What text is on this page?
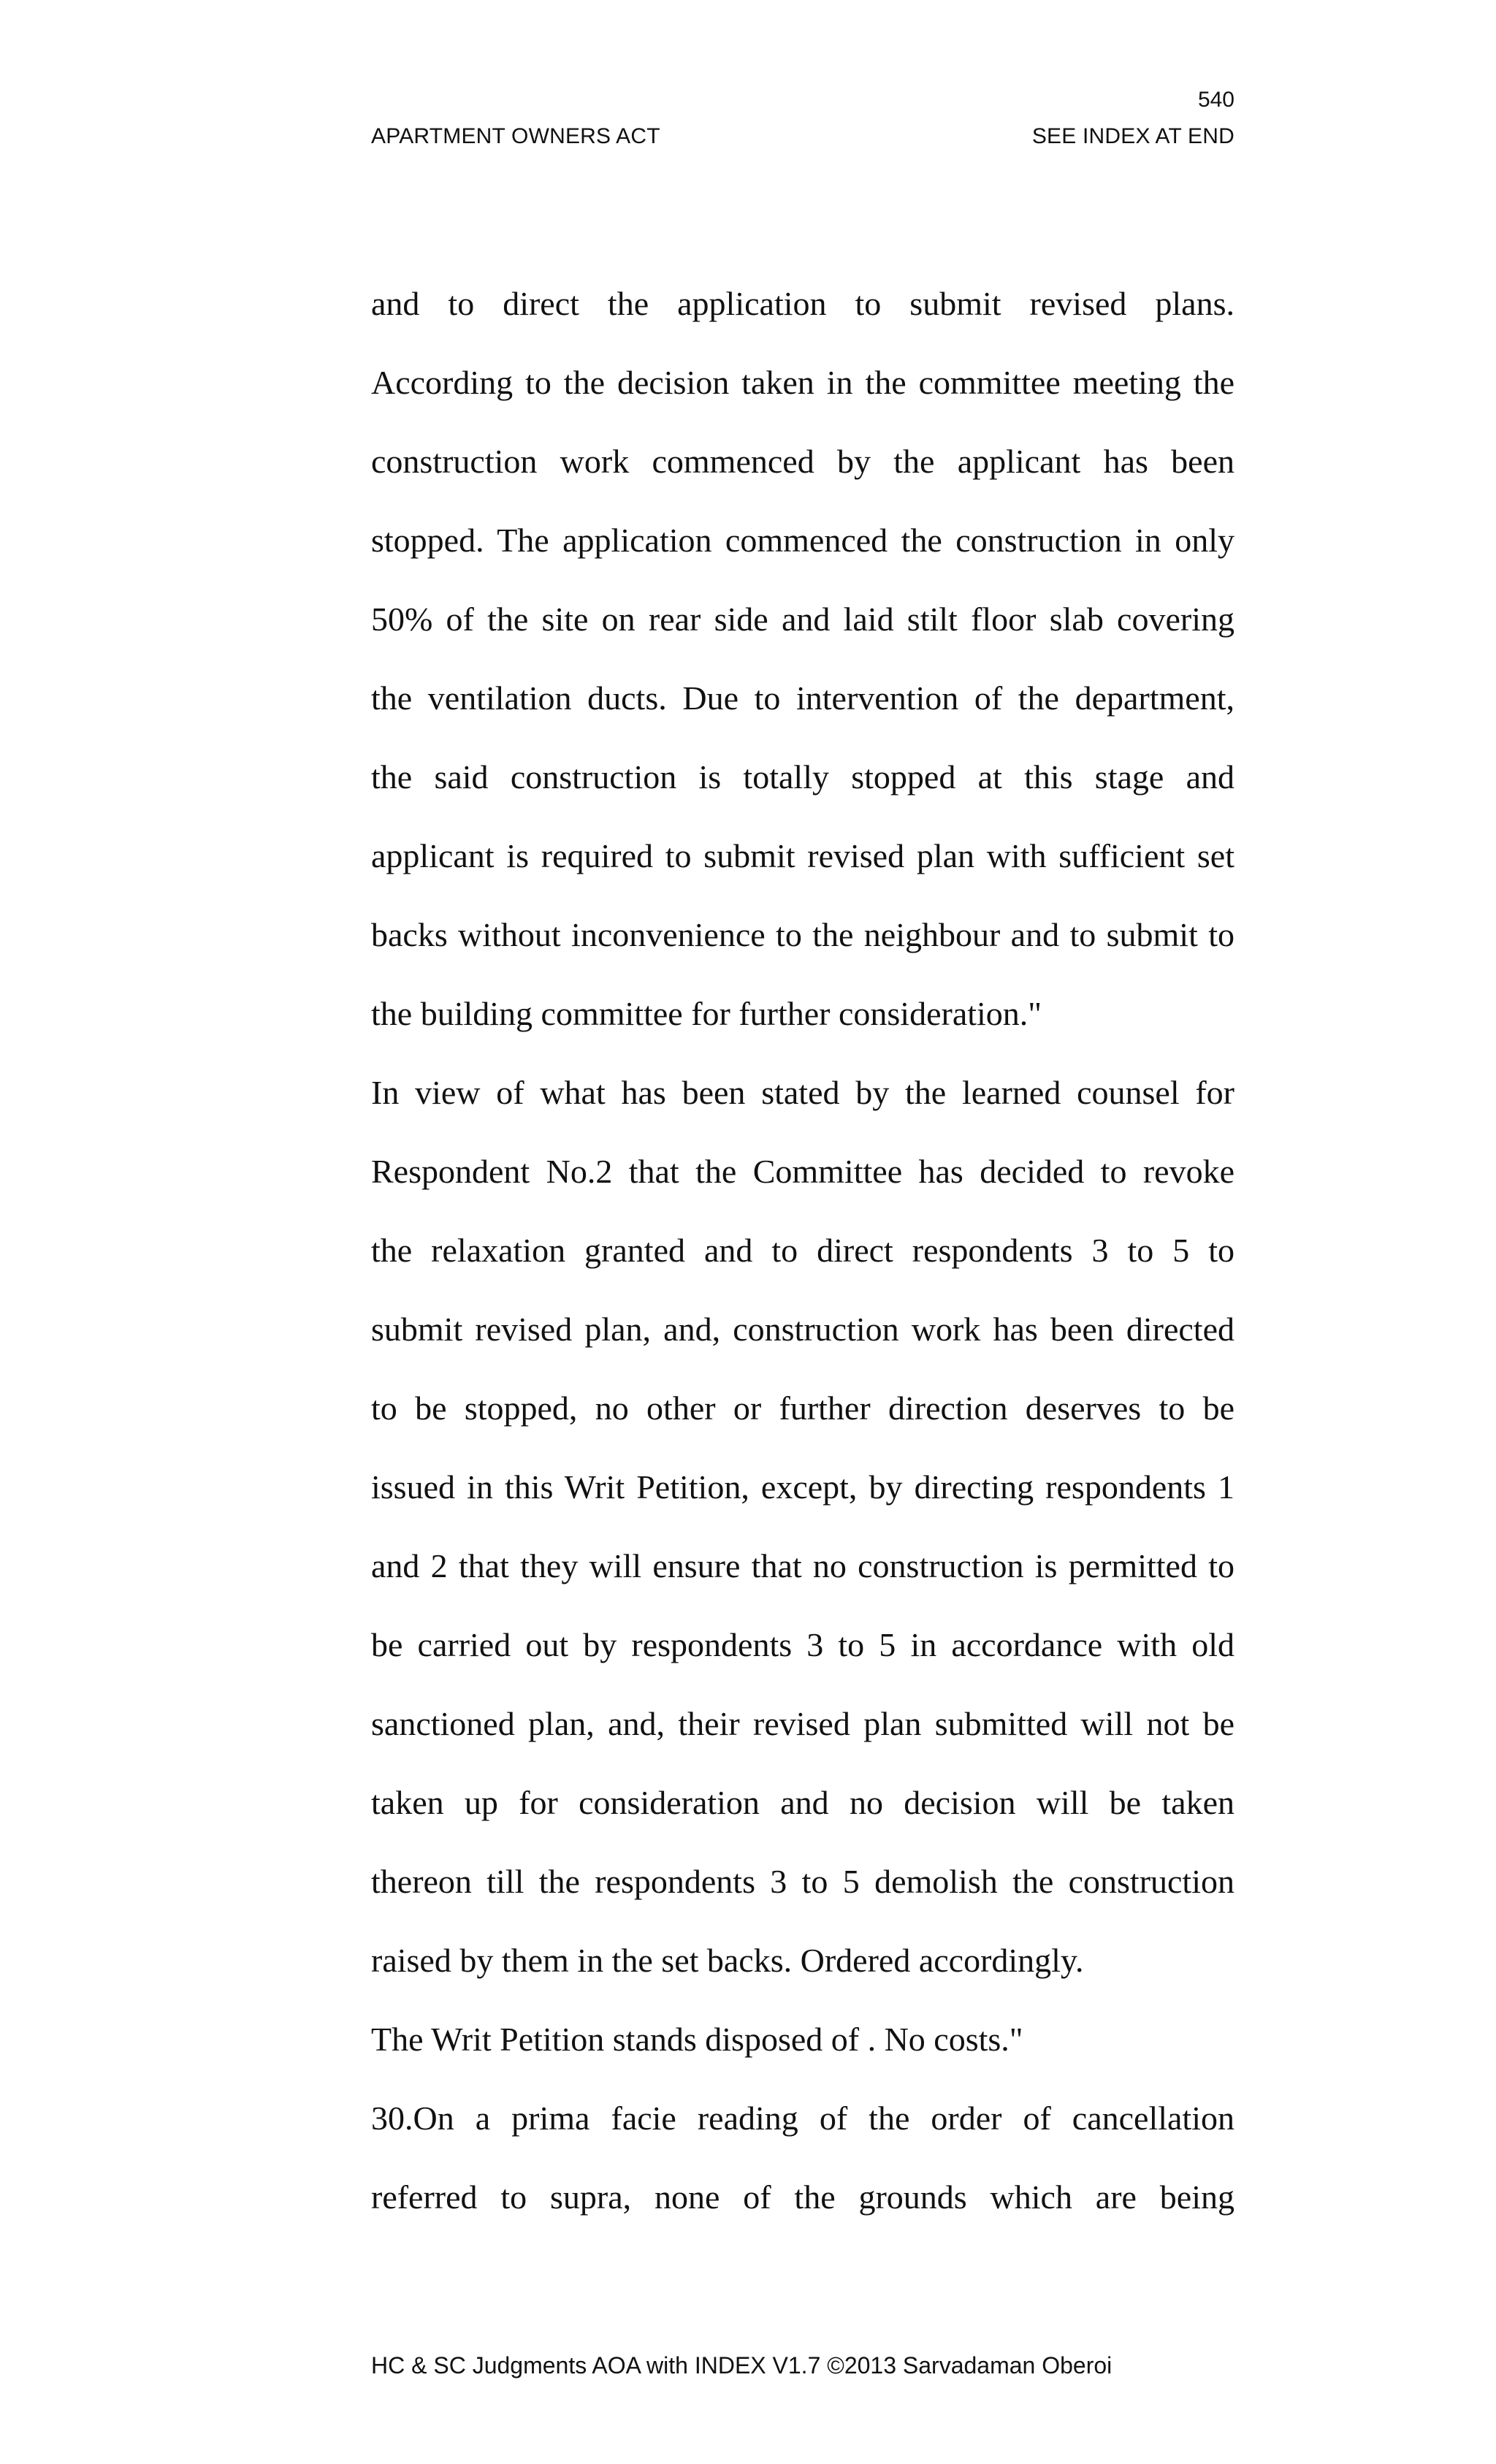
540
APARTMENT OWNERS ACT	SEE INDEX AT END
and to direct the application to submit revised plans.
According to the decision taken in the committee meeting the
construction work commenced by the applicant has been
stopped. The application commenced the construction in only
50% of the site on rear side and laid stilt floor slab covering
the ventilation ducts. Due to intervention of the department,
the said construction is totally stopped at this stage and
applicant is required to submit revised plan with sufficient set
backs without inconvenience to the neighbour and to submit to
the building committee for further consideration."
In view of what has been stated by the learned counsel for
Respondent No.2 that the Committee has decided to revoke
the relaxation granted and to direct respondents 3 to 5 to
submit revised plan, and, construction work has been directed
to be stopped, no other or further direction deserves to be
issued in this Writ Petition, except, by directing respondents 1
and 2 that they will ensure that no construction is permitted to
be carried out by respondents 3 to 5 in accordance with old
sanctioned plan, and, their revised plan submitted will not be
taken up for consideration and no decision will be taken
thereon till the respondents 3 to 5 demolish the construction
raised by them in the set backs. Ordered accordingly.
The Writ Petition stands disposed of . No costs."
30.On a prima facie reading of the order of cancellation
referred to supra, none of the grounds which are being
HC & SC Judgments AOA with INDEX V1.7 ©2013 Sarvadaman Oberoi
